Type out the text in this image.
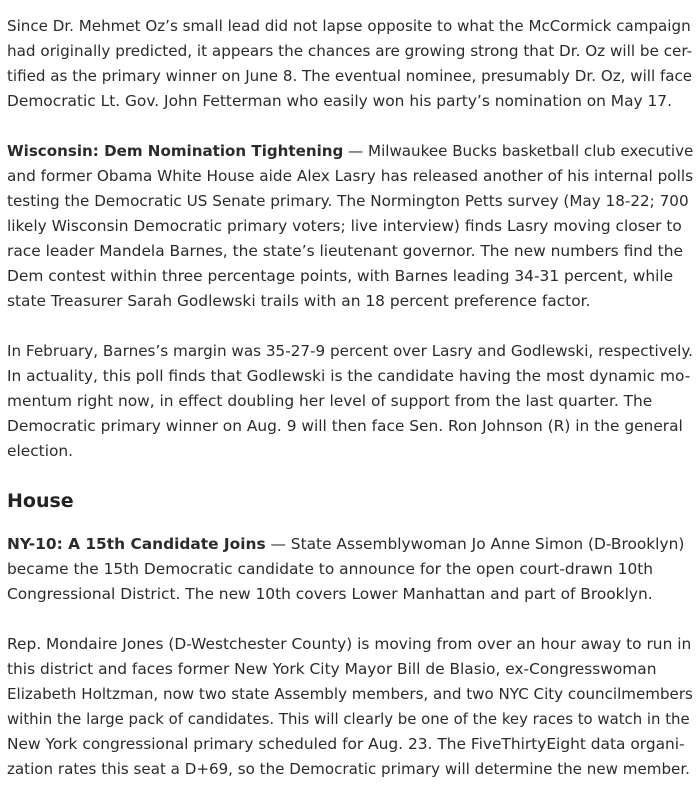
Since Dr. Mehmet Oz’s small lead did not lapse opposite to what the McCormick campaign
had originally predicted, it appears the chances are growing strong that Dr. Oz will be cer-
tified as the primary winner on June 8. The eventual nominee, presumably Dr. Oz, will face
Democratic Lt. Gov. John Fetterman who easily won his party’s nomination on May 17.

Wisconsin: Dem Nomination Tightening — Milwaukee Bucks basketball club executive
and former Obama White House aide Alex Lasry has released another of his internal polls
testing the Democratic US Senate primary. The Normington Petts survey (May 18-22; 700
likely Wisconsin Democratic primary voters; live interview) finds Lasry moving closer to
race leader Mandela Barnes, the state’s lieutenant governor. The new numbers find the
Dem contest within three percentage points, with Barnes leading 34-31 percent, while
state Treasurer Sarah Godlewski trails with an 18 percent preference factor.

In February, Barnes’s margin was 35-27-9 percent over Lasry and Godlewski, respectively.
In actuality, this poll finds that Godlewski is the candidate having the most dynamic mo-
mentum right now, in effect doubling her level of support from the last quarter. The
Democratic primary winner on Aug. 9 will then face Sen. Ron Johnson (R) in the general
election.

House

NY-10: A 15th Candidate Joins — State Assemblywoman Jo Anne Simon (D-Brooklyn)
became the 15th Democratic candidate to announce for the open court-drawn 10th
Congressional District. The new 10th covers Lower Manhattan and part of Brooklyn.

Rep. Mondaire Jones (D-Westchester County) is moving from over an hour away to run in
this district and faces former New York City Mayor Bill de Blasio, ex-Congresswoman
Elizabeth Holtzman, now two state Assembly members, and two NYC City councilmembers
within the large pack of candidates. This will clearly be one of the key races to watch in the
New York congressional primary scheduled for Aug. 23. The FiveThirtyEight data organi-
zation rates this seat a D+69, so the Democratic primary will determine the new member.
